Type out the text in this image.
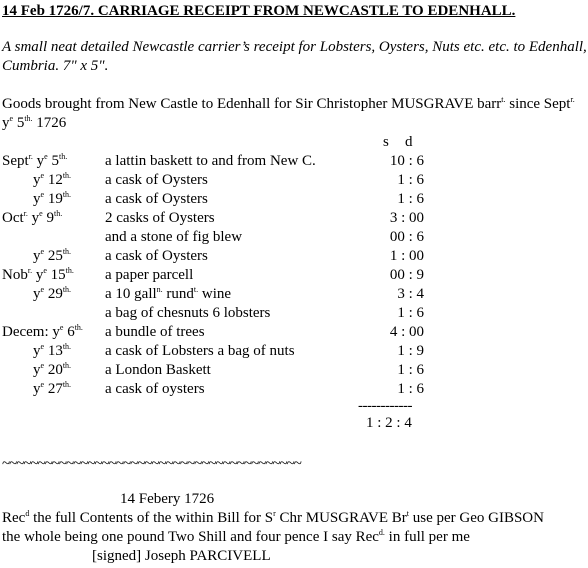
14 Feb 1726/7. CARRIAGE RECEIPT FROM NEWCASTLE TO EDENHALL.
A small neat detailed Newcastle carrier’s receipt for Lobsters, Oysters, Nuts etc. etc. to Edenhall, Cumbria. 7" x 5".
Goods brought from New Castle to Edenhall for Sir Christopher MUSGRAVE barr$^{t.}$ since Sept$^{r.}$ $y^e$ $5^{th.}$ 1726
s d
Sept$^{r.}$ $y^e$ $5^{th.}$	a lattin baskett to and from New C.	10 : 6
$y^e$ $12^{th.}$ a cask of Oysters	1 : 6
$y^e$ $19^{th.}$ a cask of Oysters	1 : 6
Oct$^{r.}$ $y^e$ $9^{th.}$	2 casks of Oysters	3 : 00
and a stone of fig blew	00 : 6
$y^e$ $25^{th.}$ a cask of Oysters	1 : 00
Nob$^{r.}$ $y^e$ $15^{th.}$ a paper parcell	00 : 9
$y^e$ $29^{th.}$ a 10 gall$^{n.}$ rund$^{t.}$ wine	3 : 4
a bag of chesnuts 6 lobsters	1 : 6
Decem: $y^e$ $6^{th.}$ a bundle of trees	4 : 00
$y^e$ $13^{th.}$ a cask of Lobsters a bag of nuts	1 : 9
$y^e$ $20^{th.}$ a London Baskett	1 : 6
$y^e$ $27^{th.}$ a cask of oysters	1 : 6
------------
1 : 2 : 4
~~~~~~~~~~~~~~~~~~~~~~~~~~~~~~~~~~~~~~~~~~
14 Febery 1726
Rec$^d$ the full Contents of the within Bill for $S^r$ Chr MUSGRAVE Br$^t$ use per Geo GIBSON
the whole being one pound Two Shill and four pence I say Rec$^{d.}$ in full per me
[signed] Joseph PARCIVELL
